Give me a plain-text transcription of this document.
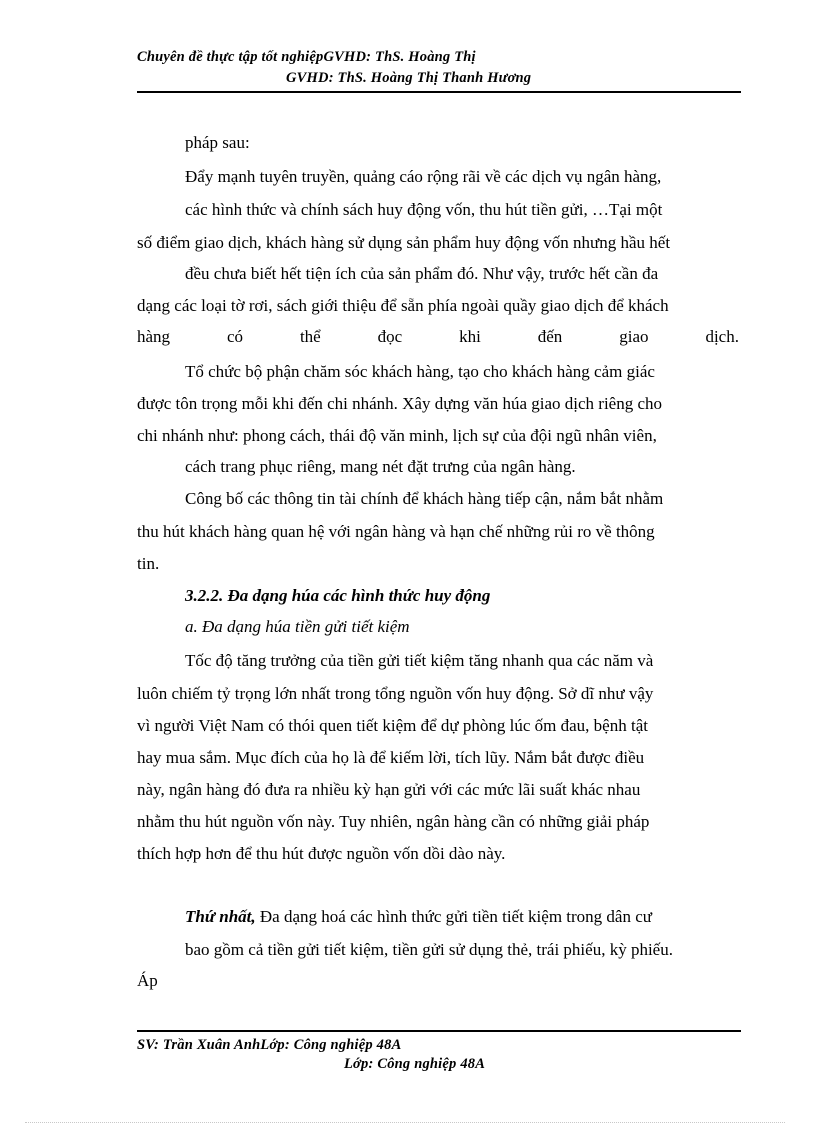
Chuyên đề thực tập tốt nghiệpGVHD: ThS. Hoàng Thị
GVHD: ThS. Hoàng Thị Thanh Hương
pháp sau:
Đẩy mạnh tuyên truyền, quảng cáo rộng rãi về các dịch vụ ngân hàng,
các hình thức và chính sách huy động vốn, thu hút tiền gửi, …Tại một
số điểm giao dịch, khách hàng sử dụng sản phẩm huy động vốn nhưng hầu hết
đều chưa biết hết tiện ích của sản phẩm đó. Như vậy, trước hết cần đa
dạng các loại tờ rơi, sách giới thiệu để sẵn phía ngoài quầy giao dịch để khách
hàng	có	thể	đọc	khi	đến	giao	dịch.
Tổ chức bộ phận chăm sóc khách hàng, tạo cho khách hàng cảm giác
được tôn trọng mỗi khi đến chi nhánh. Xây dựng văn húa giao dịch riêng cho
chi nhánh như: phong cách, thái độ văn minh, lịch sự của đội ngũ nhân viên,
cách trang phục riêng, mang nét đặt trưng của ngân hàng.
Công bố các thông tin tài chính để khách hàng tiếp cận, nắm bắt nhằm
thu hút khách hàng quan hệ với ngân hàng và hạn chế những rủi ro về thông
tin.
3.2.2. Đa dạng húa các hình thức huy động
a. Đa dạng húa tiền gửi tiết kiệm
Tốc độ tăng trưởng của tiền gửi tiết kiệm tăng nhanh qua các năm và
luôn chiếm tỷ trọng lớn nhất trong tổng nguồn vốn huy động. Sở dĩ như vậy
vì người Việt Nam có thói quen tiết kiệm để dự phòng lúc ốm đau, bệnh tật
hay mua sắm. Mục đích của họ là để kiếm lời, tích lũy. Nắm bắt được điều
này, ngân hàng đó đưa ra nhiều kỳ hạn gửi với các mức lãi suất khác nhau
nhằm thu hút nguồn vốn này. Tuy nhiên, ngân hàng cần có những giải pháp
thích hợp hơn để thu hút được nguồn vốn dồi dào này.
Thứ nhất, Đa dạng hoá các hình thức gửi tiền tiết kiệm trong dân cư
bao gồm cả tiền gửi tiết kiệm, tiền gửi sử dụng thẻ, trái phiếu, kỳ phiếu.
Áp
SV: Trần Xuân AnhLớp: Công nghiệp 48A
Lớp: Công nghiệp 48A
